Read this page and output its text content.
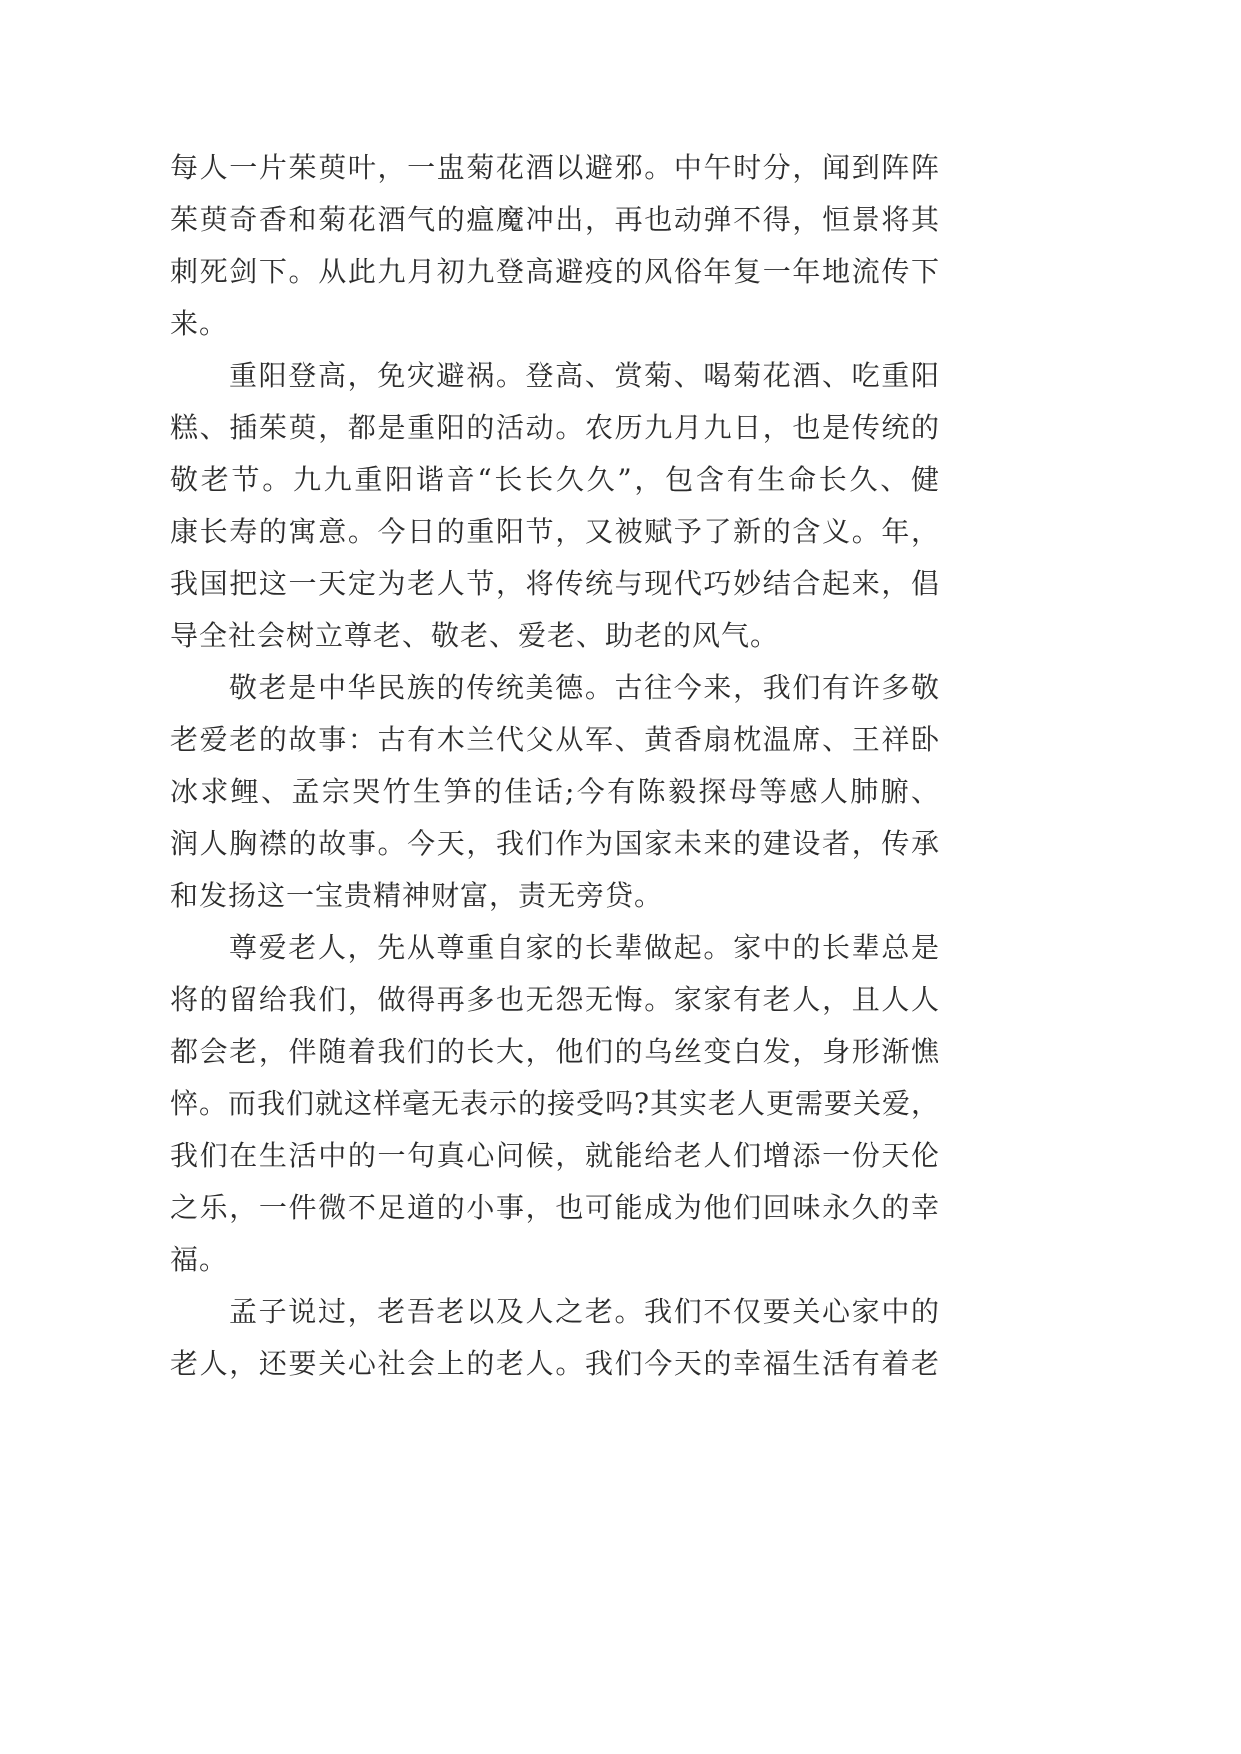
每人一片茱萸叶，一盅菊花酒以避邪。中午时分，闻到阵阵
茱萸奇香和菊花酒气的瘟魔冲出，再也动弹不得，恒景将其
刺死剑下。从此九月初九登高避疫的风俗年复一年地流传下
来。
重阳登高，免灾避祸。登高、赏菊、喝菊花酒、吃重阳
糕、插茱萸，都是重阳的活动。农历九月九日，也是传统的
敬老节。九九重阳谐音“长长久久”，包含有生命长久、健
康长寿的寓意。今日的重阳节，又被赋予了新的含义。年，
我国把这一天定为老人节，将传统与现代巧妙结合起来，倡
导全社会树立尊老、敬老、爱老、助老的风气。
敬老是中华民族的传统美德。古往今来，我们有许多敬
老爱老的故事：古有木兰代父从军、黄香扇枕温席、王祥卧
冰求鲤、孟宗哭竹生笋的佳话;今有陈毅探母等感人肺腑、
润人胸襟的故事。今天，我们作为国家未来的建设者，传承
和发扬这一宝贵精神财富，责无旁贷。
尊爱老人，先从尊重自家的长辈做起。家中的长辈总是
将的留给我们，做得再多也无怨无悔。家家有老人，且人人
都会老，伴随着我们的长大，他们的乌丝变白发，身形渐憔
悴。而我们就这样毫无表示的接受吗?其实老人更需要关爱，
我们在生活中的一句真心问候，就能给老人们增添一份天伦
之乐，一件微不足道的小事，也可能成为他们回味永久的幸
福。
孟子说过，老吾老以及人之老。我们不仅要关心家中的
老人，还要关心社会上的老人。我们今天的幸福生活有着老
